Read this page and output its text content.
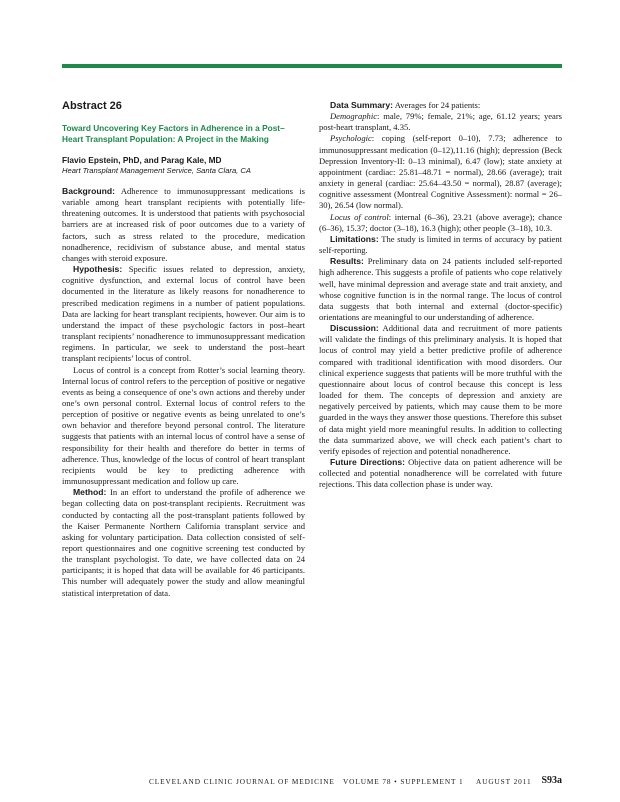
Abstract 26

Toward Uncovering Key Factors in Adherence in a Post–Heart Transplant Population: A Project in the Making

Flavio Epstein, PhD, and Parag Kale, MD

Heart Transplant Management Service, Santa Clara, CA

Background: Adherence to immunosuppressant medications is variable among heart transplant recipients with potentially life- threatening outcomes. It is understood that patients with psychosocial barriers are at increased risk of poor outcomes due to a variety of factors, such as stress related to the procedure, medication nonadherence, recidivism of substance abuse, and mental status changes with steroid exposure.

Hypothesis: Specific issues related to depression, anxiety, cognitive dysfunction, and external locus of control have been documented in the literature as likely reasons for nonadherence to prescribed medication regimens in a number of patient populations. Data are lacking for heart transplant recipients, however. Our aim is to understand the impact of these psychologic factors in post–heart transplant recipients’ nonadherence to immunosuppressant medication regimens. In particular, we seek to understand the post–heart transplant recipients’ locus of control.

Locus of control is a concept from Rotter’s social learning theory. Internal locus of control refers to the perception of positive or negative events as being a consequence of one’s own actions and thereby under one’s own personal control. External locus of control refers to the perception of positive or negative events as being unrelated to one’s own behavior and therefore beyond personal control. The literature suggests that patients with an internal locus of control have a sense of responsibility for their health and therefore do better in terms of adherence. Thus, knowledge of the locus of control of heart transplant recipients would be key to predicting adherence with immunosuppressant medication and follow up care.

Method: In an effort to understand the profile of adherence we began collecting data on post-transplant recipients. Recruitment was conducted by contacting all the post-transplant patients followed by the Kaiser Permanente Northern California transplant service and asking for voluntary participation. Data collection consisted of self-report questionnaires and one cognitive screening test conducted by the transplant psychologist. To date, we have collected data on 24 participants; it is hoped that data will be available for 46 participants. This number will adequately power the study and allow meaningful statistical interpretation of data.

Data Summary: Averages for 24 patients:

Demographic: male, 79%; female, 21%; age, 61.12 years; years post-heart transplant, 4.35.

Psychologic: coping (self-report 0–10), 7.73; adherence to immunosuppressant medication (0–12),11.16 (high); depression (Beck Depression Inventory-II: 0–13 minimal), 6.47 (low); state anxiety at appointment (cardiac: 25.81–48.71 = normal), 28.66 (average); trait anxiety in general (cardiac: 25.64–43.50 = normal), 28.87 (average); cognitive assessment (Montreal Cognitive Assessment): normal = 26–30), 26.54 (low normal).

Locus of control: internal (6–36), 23.21 (above average); chance (6–36), 15.37; doctor (3–18), 16.3 (high); other people (3–18), 10.3.

Limitations: The study is limited in terms of accuracy by patient self-reporting.

Results: Preliminary data on 24 patients included self-reported high adherence. This suggests a profile of patients who cope relatively well, have minimal depression and average state and trait anxiety, and whose cognitive function is in the normal range. The locus of control data suggests that both internal and external (doctor-specific) orientations are meaningful to our understanding of adherence.

Discussion: Additional data and recruitment of more patients will validate the findings of this preliminary analysis. It is hoped that locus of control may yield a better predictive profile of adherence compared with traditional identification with mood disorders. Our clinical experience suggests that patients will be more truthful with the questionnaire about locus of control because this concept is less loaded for them. The concepts of depression and anxiety are negatively perceived by patients, which may cause them to be more guarded in the ways they answer those questions. Therefore this subset of data might yield more meaningful results. In addition to collecting the data summarized above, we will check each patient’s chart to verify episodes of rejection and potential nonadherence.

Future Directions: Objective data on patient adherence will be collected and potential nonadherence will be correlated with future rejections. This data collection phase is under way.

CLEVELAND CLINIC JOURNAL OF MEDICINE VOLUME 78 • SUPPLEMENT 1 AUGUST 2011 S93a
